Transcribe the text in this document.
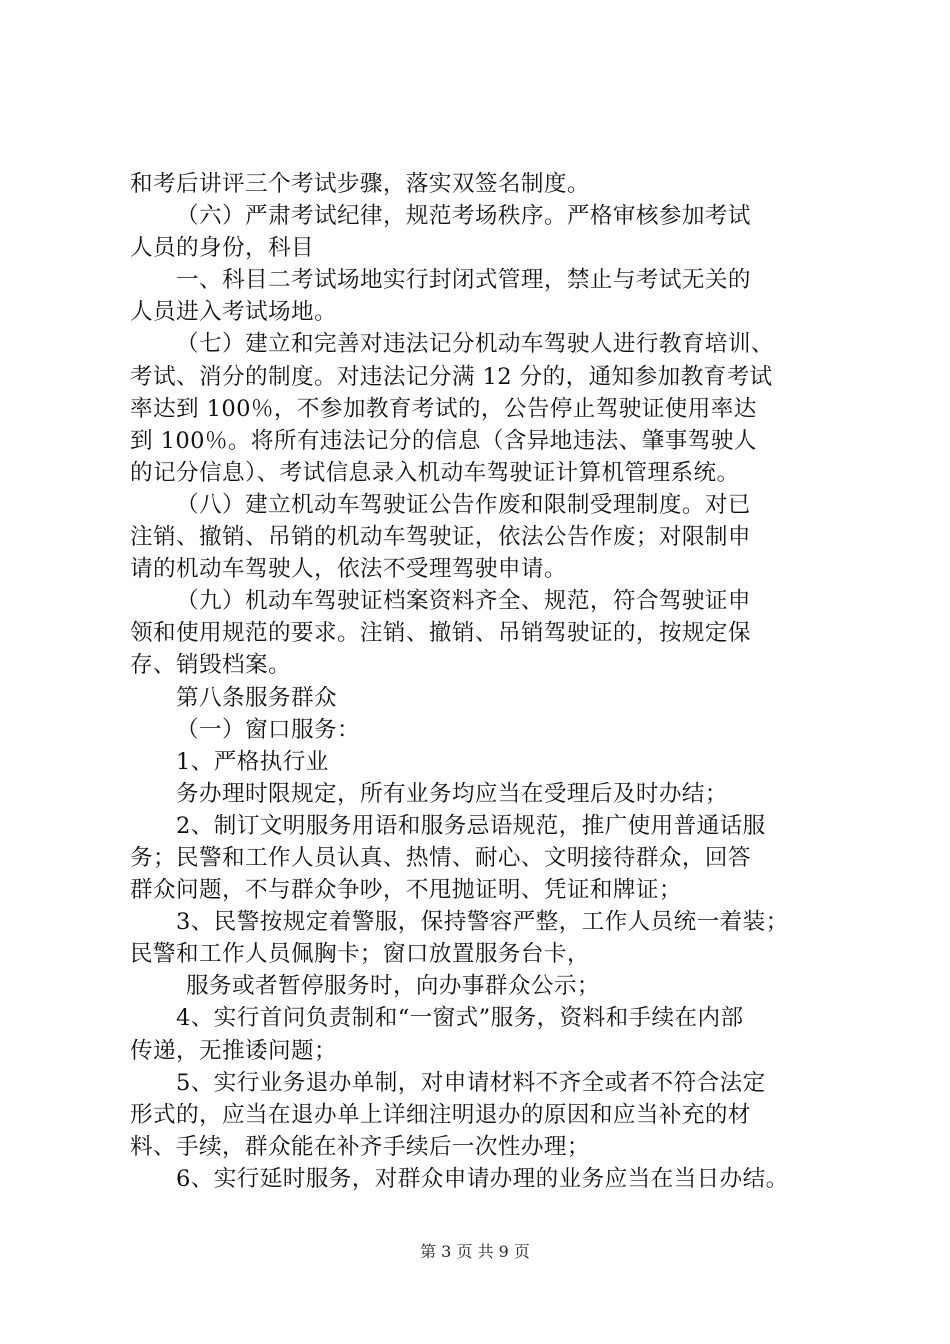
和考后讲评三个考试步骤，落实双签名制度。
（六）严肃考试纪律，规范考场秩序。严格审核参加考试
人员的身份，科目
一、科目二考试场地实行封闭式管理，禁止与考试无关的
人员进入考试场地。
（七）建立和完善对违法记分机动车驾驶人进行教育培训、
考试、消分的制度。对违法记分满 12 分的，通知参加教育考试
率达到 100％，不参加教育考试的，公告停止驾驶证使用率达
到 100％。将所有违法记分的信息（含异地违法、肇事驾驶人
的记分信息）、考试信息录入机动车驾驶证计算机管理系统。
（八）建立机动车驾驶证公告作废和限制受理制度。对已
注销、撤销、吊销的机动车驾驶证，依法公告作废；对限制申
请的机动车驾驶人，依法不受理驾驶申请。
（九）机动车驾驶证档案资料齐全、规范，符合驾驶证申
领和使用规范的要求。注销、撤销、吊销驾驶证的，按规定保
存、销毁档案。
第八条服务群众
（一）窗口服务：
1、严格执行业
务办理时限规定，所有业务均应当在受理后及时办结；
2、制订文明服务用语和服务忌语规范，推广使用普通话服
务；民警和工作人员认真、热情、耐心、文明接待群众，回答
群众问题，不与群众争吵，不甩抛证明、凭证和牌证；
3、民警按规定着警服，保持警容严整，工作人员统一着装；
民警和工作人员佩胸卡；窗口放置服务台卡，
服务或者暂停服务时，向办事群众公示；
4、实行首问负责制和“一窗式”服务，资料和手续在内部
传递，无推诿问题；
5、实行业务退办单制，对申请材料不齐全或者不符合法定
形式的，应当在退办单上详细注明退办的原因和应当补充的材
料、手续，群众能在补齐手续后一次性办理；
6、实行延时服务，对群众申请办理的业务应当在当日办结。
第 3 页 共 9 页
